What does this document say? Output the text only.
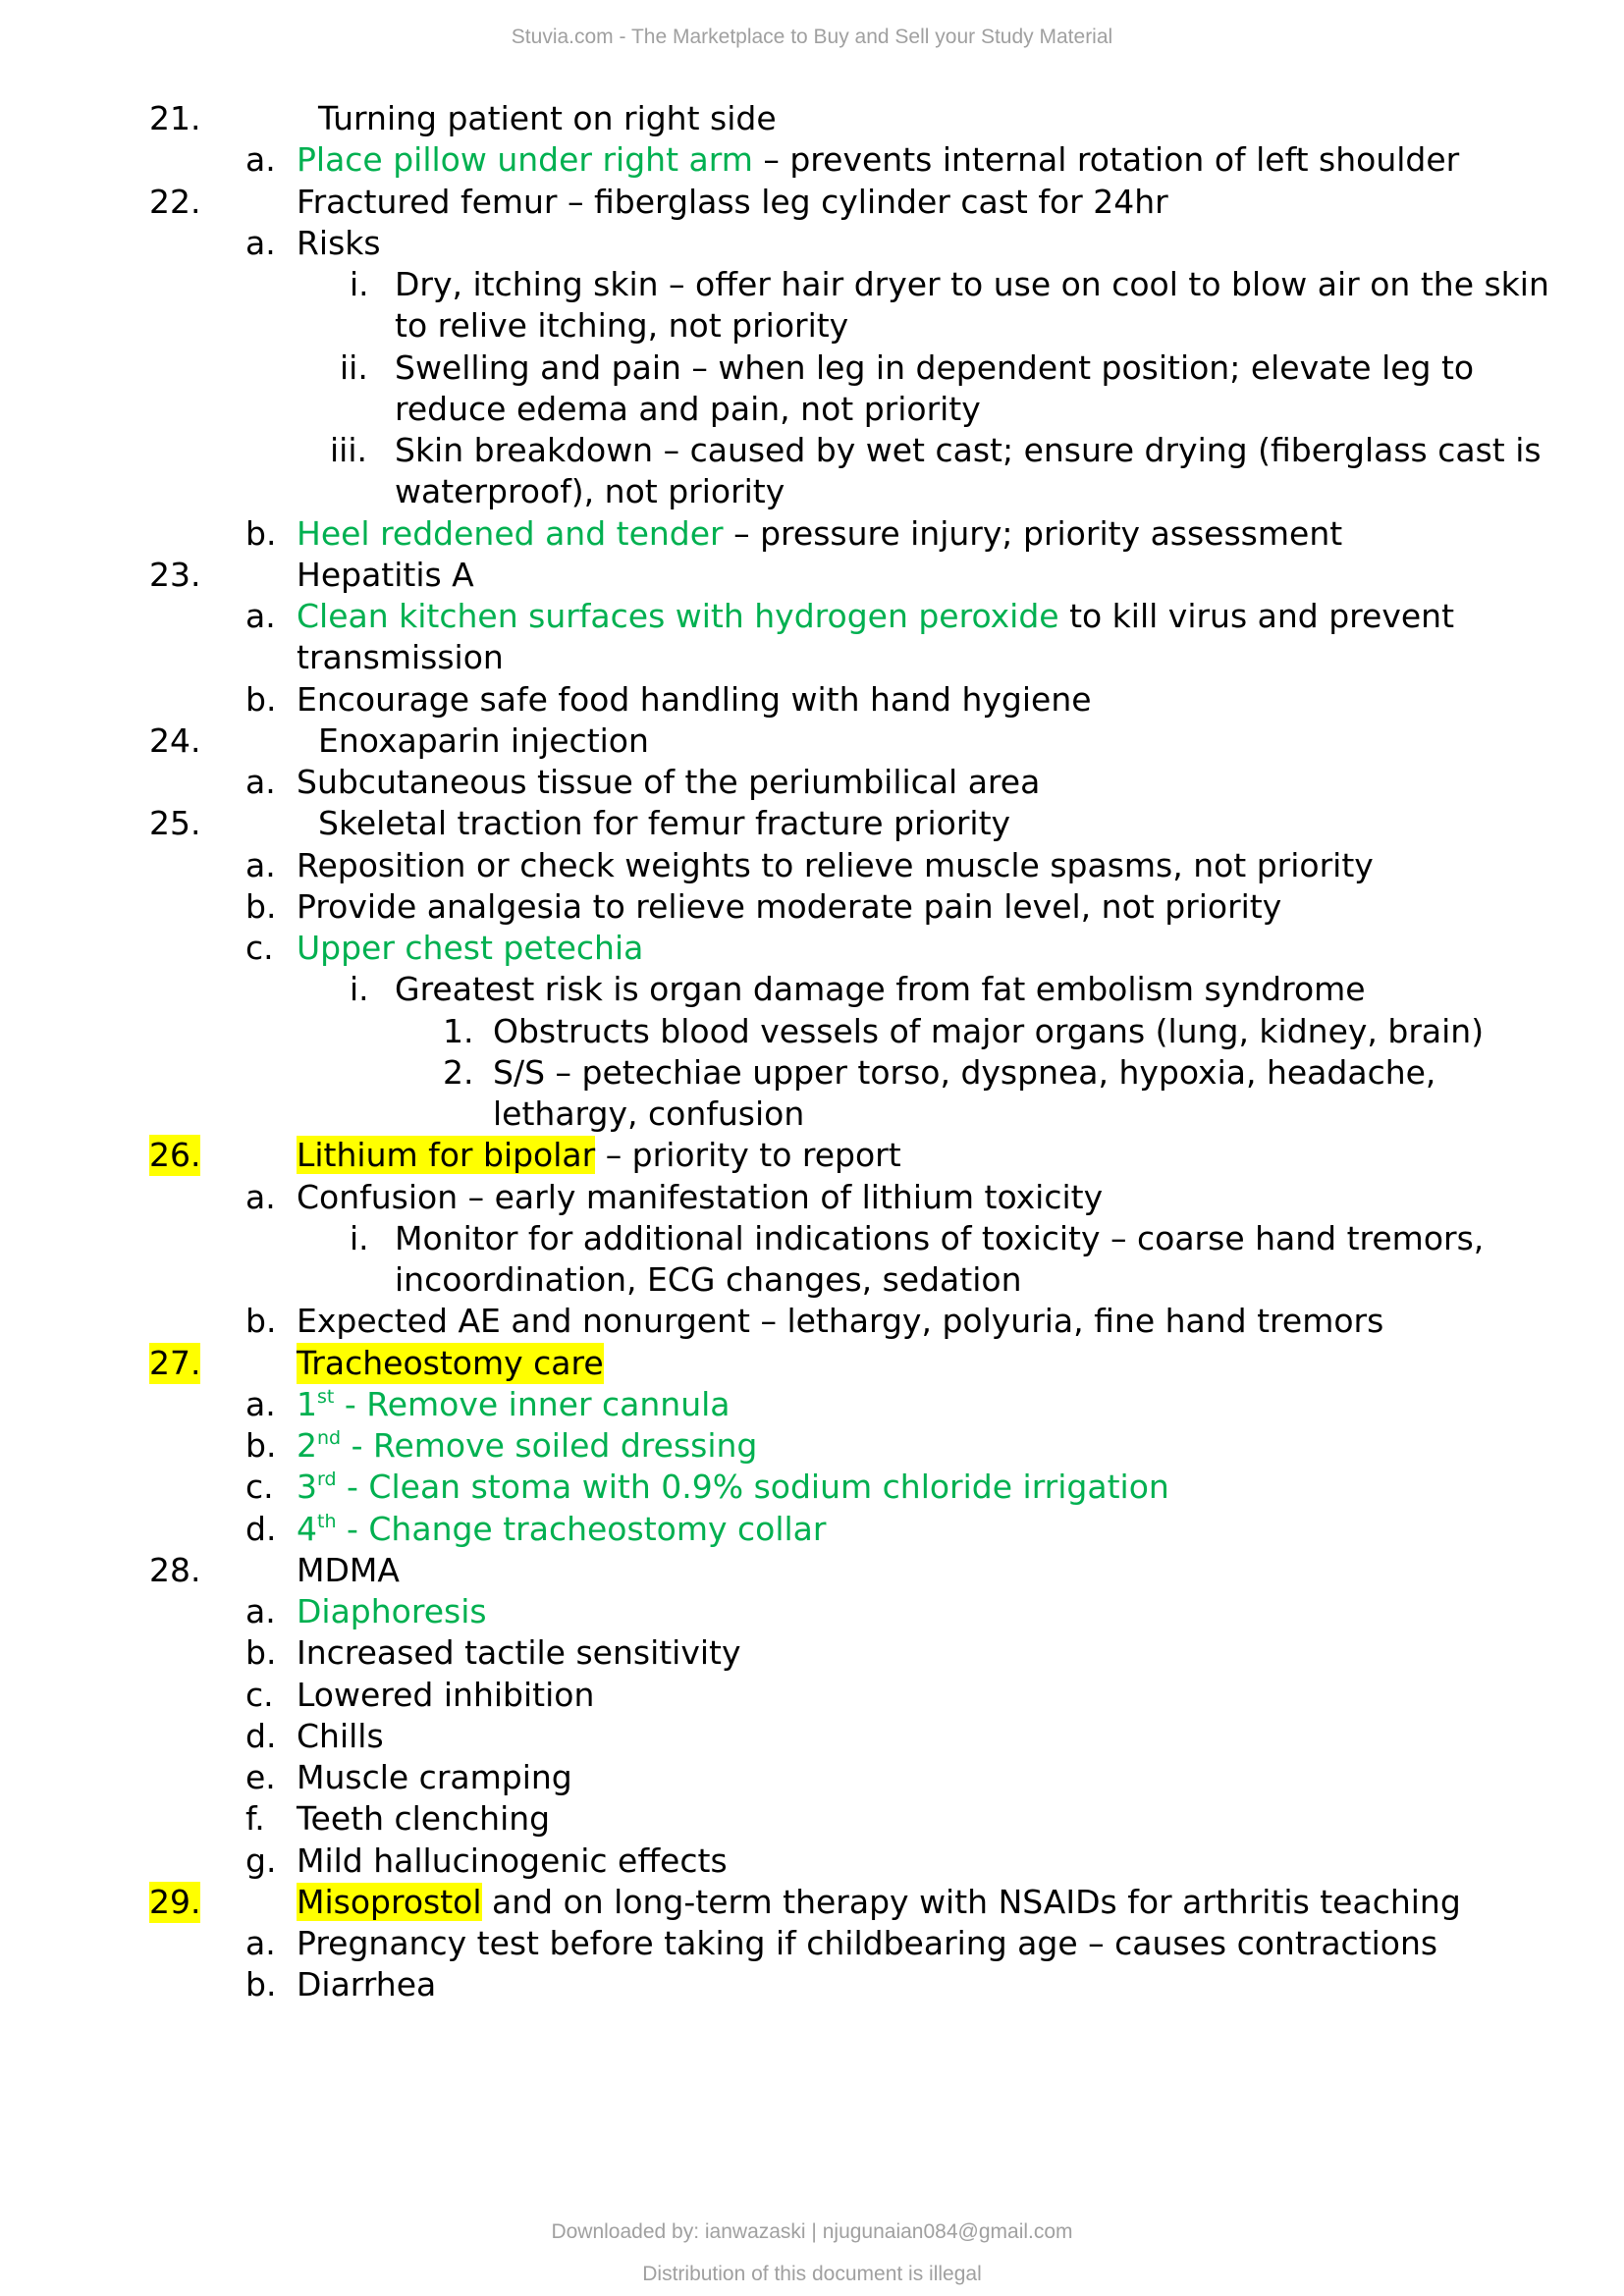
Stuvia.com - The Marketplace to Buy and Sell your Study Material
21.	Turning patient on right side
a. Place pillow under right arm – prevents internal rotation of left shoulder
22.	Fractured femur – fiberglass leg cylinder cast for 24hr
a. Risks
i. Dry, itching skin – offer hair dryer to use on cool to blow air on the skin
to relive itching, not priority
ii. Swelling and pain – when leg in dependent position; elevate leg to
reduce edema and pain, not priority
iii. Skin breakdown – caused by wet cast; ensure drying (fiberglass cast is
waterproof), not priority
b. Heel reddened and tender – pressure injury; priority assessment
23.	Hepatitis A
a. Clean kitchen surfaces with hydrogen peroxide to kill virus and prevent
transmission
b. Encourage safe food handling with hand hygiene
24.	Enoxaparin injection
a. Subcutaneous tissue of the periumbilical area
25.	Skeletal traction for femur fracture priority
a. Reposition or check weights to relieve muscle spasms, not priority
b. Provide analgesia to relieve moderate pain level, not priority
c. Upper chest petechia
i. Greatest risk is organ damage from fat embolism syndrome
1. Obstructs blood vessels of major organs (lung, kidney, brain)
2. S/S – petechiae upper torso, dyspnea, hypoxia, headache,
lethargy, confusion
26.	Lithium for bipolar – priority to report
a. Confusion – early manifestation of lithium toxicity
i. Monitor for additional indications of toxicity – coarse hand tremors,
incoordination, ECG changes, sedation
b. Expected AE and nonurgent – lethargy, polyuria, fine hand tremors
27.	Tracheostomy care
a. 1st - Remove inner cannula
b. 2nd - Remove soiled dressing
c. 3rd - Clean stoma with 0.9% sodium chloride irrigation
d. 4th - Change tracheostomy collar
28.	MDMA
a. Diaphoresis
b. Increased tactile sensitivity
c. Lowered inhibition
d. Chills
e. Muscle cramping
f. Teeth clenching
g. Mild hallucinogenic effects
29.	Misoprostol and on long-term therapy with NSAIDs for arthritis teaching
a. Pregnancy test before taking if childbearing age – causes contractions
b. Diarrhea
Downloaded by: ianwazaski | njugunaian084@gmail.com
Distribution of this document is illegal
